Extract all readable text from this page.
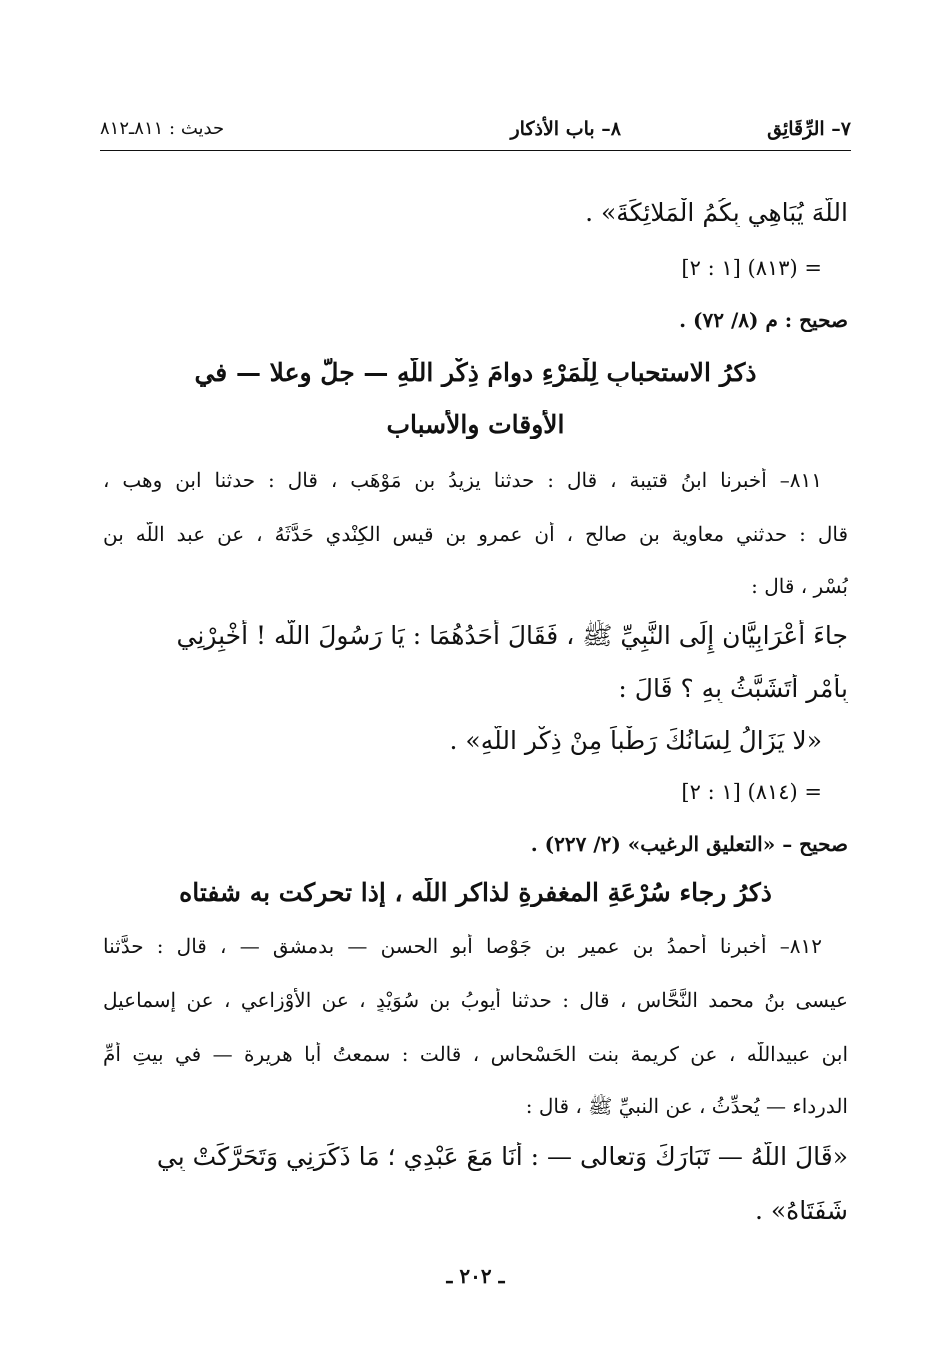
٧– الرِّقَائِق
٨– باب الأذكار
حديث : ٨١١ـ٨١٢
اللّهَ يُبَاهِي بِكُمُ الْمَلائِكَةَ» .
= (٨١٣) [١ : ٢]
صحيح : م (٨/ ٧٢) .
ذكرُ الاستحبابِ لِلْمَرْءِ دوامَ ذِكْرِ اللّهِ — جلَّ وعلا — في
الأوقات والأسباب
٨١١– أخبرنا ابنُ قتيبة ، قال : حدثنا يزيدُ بن مَوْهَب ، قال : حدثنا ابن وهب ،
قال : حدثني معاوية بن صالح ، أن عمرو بن قيس الكِنْدي حَدَّثَهُ ، عن عبد اللّه بن
بُسْر ، قال :
جاءَ أَعْرَابِيَّان إِلَى النَّبِيِّ ﷺ ، فَقَالَ أَحَدُهُمَا : يَا رَسُولَ اللّه ! أَخْبِرْنِي
بِأَمْرٍ أَتَشَبَّثُ بِهِ ؟ قَالَ :
«لا يَزَالُ لِسَانُكَ رَطْباً مِنْ ذِكْرِ اللّهِ» .
= (٨١٤) [١ : ٢]
صحيح – «التعليق الرغيب» (٢/ ٢٢٧) .
ذكرُ رجاء سُرْعَةِ المغفرةِ لذاكر اللّه ، إذا تحركت به شفتاه
٨١٢– أخبرنا أحمدُ بن عمير بن جَوْصا أبو الحسن — بدمشق — ، قال : حدَّثنا
عيسى بنُ محمد النَّحَّاس ، قال : حدثنا أيوبُ بن سُوَيْدٍ ، عن الأَوْزاعي ، عن إسماعيل
ابن عبيداللّه ، عن كريمة بنت الحَسْحاس ، قالت : سمعتُ أبا هريرة — في بيتِ أمِّ
الدرداء — يُحدِّثُ ، عن النبيِّ ﷺ ، قال :
«قَالَ اللّهُ — تَبَارَكَ وَتعالى — : أَنَا مَعَ عَبْدِي ؛ مَا ذَكَرَنِي وَتَحَرَّكَتْ بِي
شَفَتَاهُ» .
ـ ٢٠٢ ـ
